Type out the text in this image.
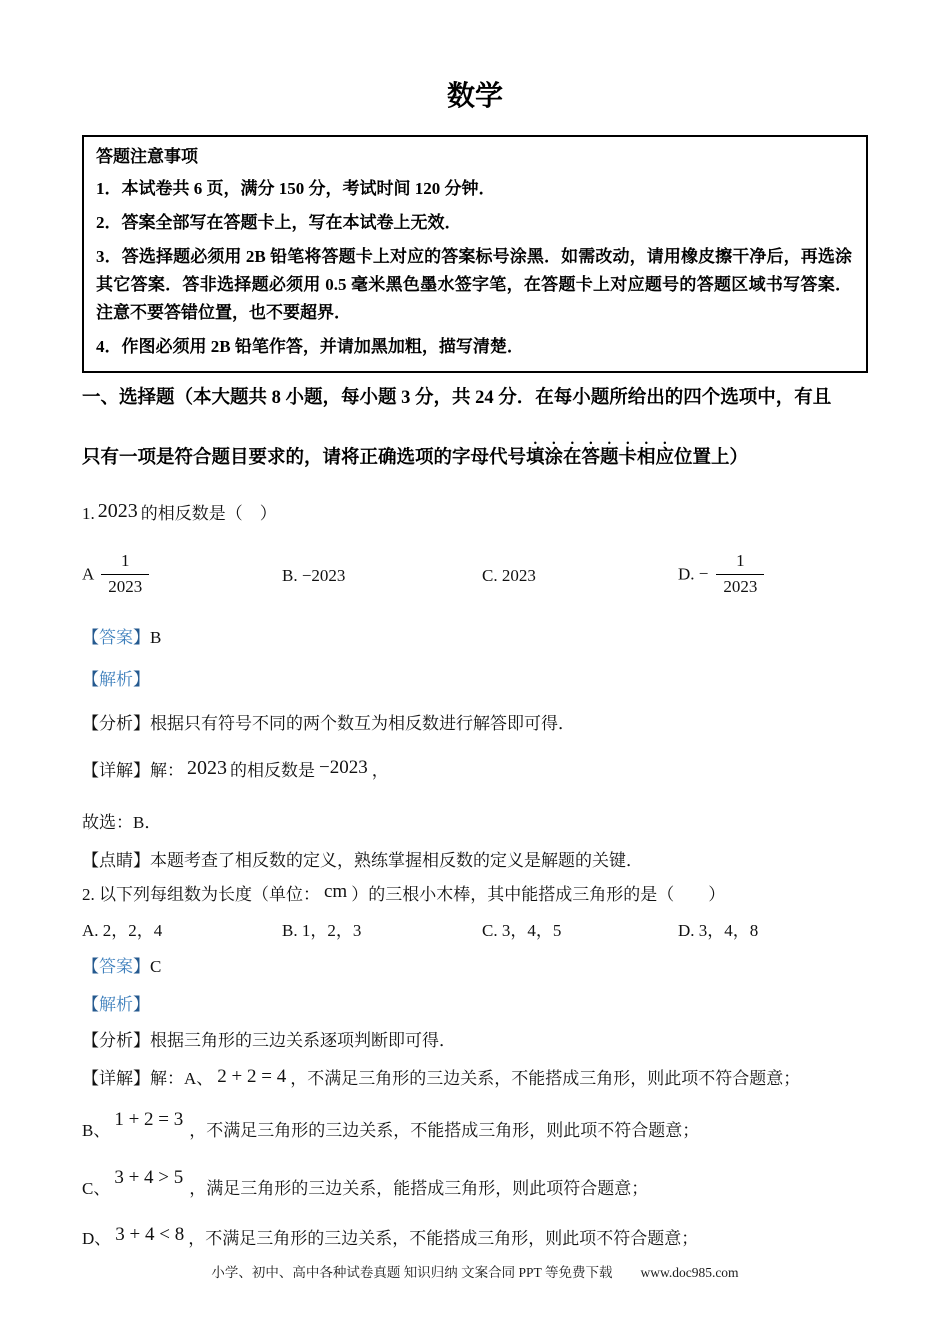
数学
答题注意事项
1．本试卷共 6 页，满分 150 分，考试时间 120 分钟．
2．答案全部写在答题卡上，写在本试卷上无效．
3．答选择题必须用 2B 铅笔将答题卡上对应的答案标号涂黑．如需改动，请用橡皮擦干净后，再选涂其它答案．答非选择题必须用 0.5 毫米黑色墨水签字笔，在答题卡上对应题号的答题区域书写答案．注意不要答错位置，也不要超界．
4．作图必须用 2B 铅笔作答，并请加黑加粗，描写清楚．
一、选择题（本大题共 8 小题，每小题 3 分，共 24 分．在每小题所给出的四个选项中，有且
只有一项是符合题目要求的，请将正确选项的字母代号填涂在答题卡相应位置上）
1. 2023 的相反数是（　）
A $\frac{1}{2023}$	B. −2023	C. 2023	D. − $\frac{1}{2023}$
【答案】B
【解析】
【分析】根据只有符号不同的两个数互为相反数进行解答即可得．
【详解】解： 2023 的相反数是 −2023 ，
故选：B．
【点睛】本题考查了相反数的定义，熟练掌握相反数的定义是解题的关键．
2. 以下列每组数为长度（单位： cm ）的三根小木棒，其中能搭成三角形的是（　　）
A. 2，2，4	B. 1，2，3	C. 3，4，5	D. 3，4，8
【答案】C
【解析】
【分析】根据三角形的三边关系逐项判断即可得．
【详解】解：A、 2 + 2 = 4 ，不满足三角形的三边关系，不能搭成三角形，则此项不符合题意；
B、1 + 2 = 3，不满足三角形的三边关系，不能搭成三角形，则此项不符合题意；
C、3 + 4 > 5，满足三角形的三边关系，能搭成三角形，则此项符合题意；
D、 3 + 4 < 8 ，不满足三角形的三边关系，不能搭成三角形，则此项不符合题意；
小学、初中、高中各种试卷真题 知识归纳 文案合同 PPT 等免费下载 www.doc985.com
